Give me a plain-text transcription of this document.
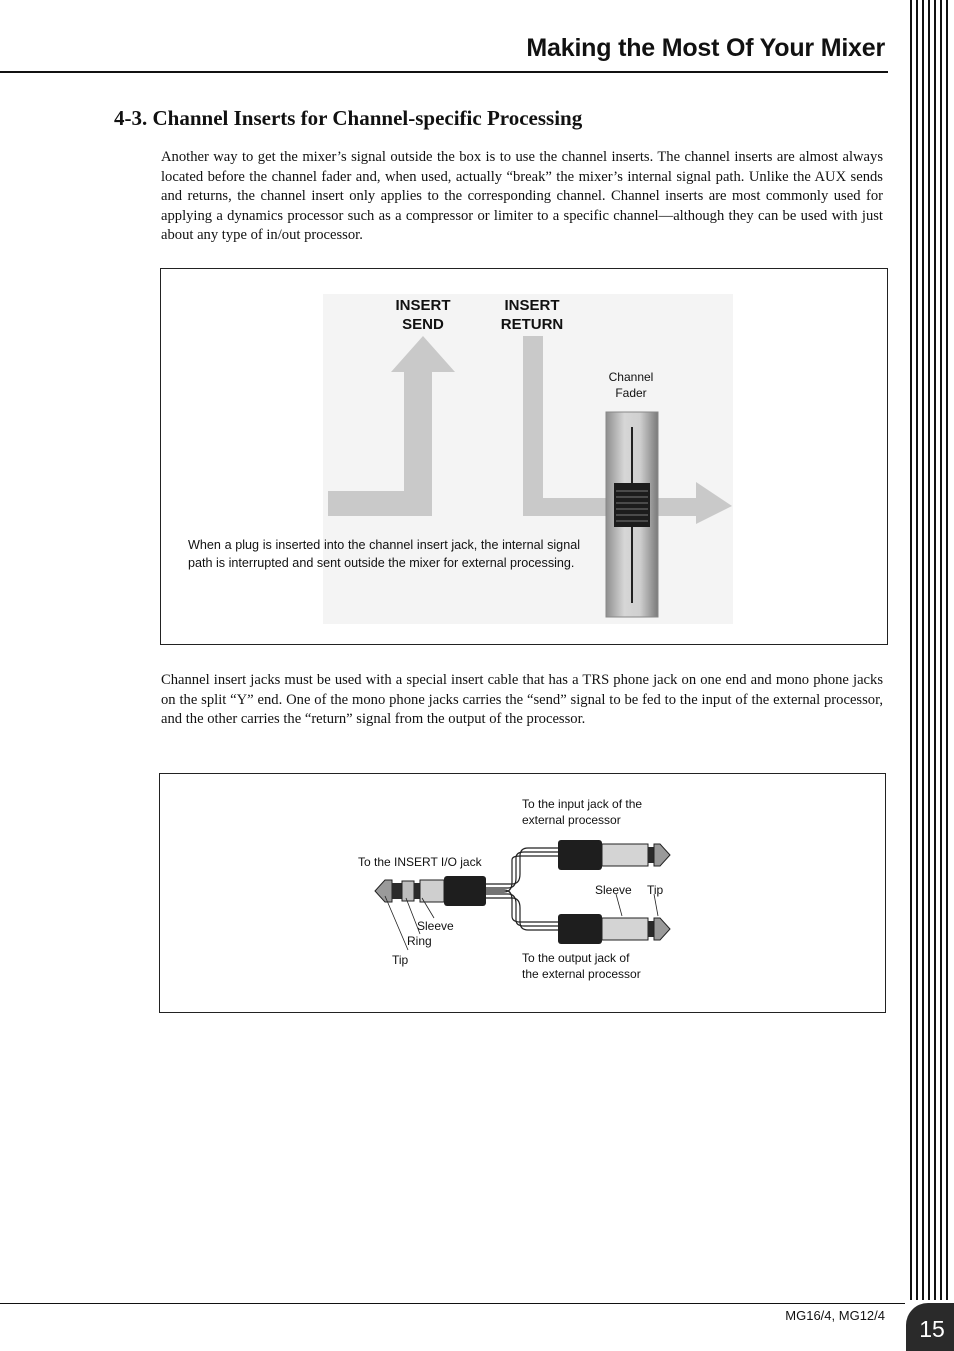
Making the Most Of Your Mixer
4-3. Channel Inserts for Channel-specific Processing

Another way to get the mixer’s signal outside the box is to use the channel inserts. The channel inserts are almost always located before the channel fader and, when used, actually “break” the mixer’s internal signal path. Unlike the AUX sends and returns, the channel insert only applies to the corresponding channel. Channel inserts are most commonly used for applying a dynamics processor such as a compressor or limiter to a specific channel—although they can be used with just about any type of in/out processor.

INSERT
SEND
INSERT
RETURN
Channel
Fader

When a plug is inserted into the channel insert jack, the internal signal path is interrupted and sent outside the mixer for external processing.

Channel insert jacks must be used with a special insert cable that has a TRS phone jack on one end and mono phone jacks on the split “Y” end. One of the mono phone jacks carries the “send” signal to be fed to the input of the external processor, and the other carries the “return” signal from the output of the processor.

To the INSERT I/O jack
To the input jack of the
external processor
To the output jack of
the external processor
Sleeve
Ring
Tip
Sleeve Tip
MG16/4, MG12/4
15
